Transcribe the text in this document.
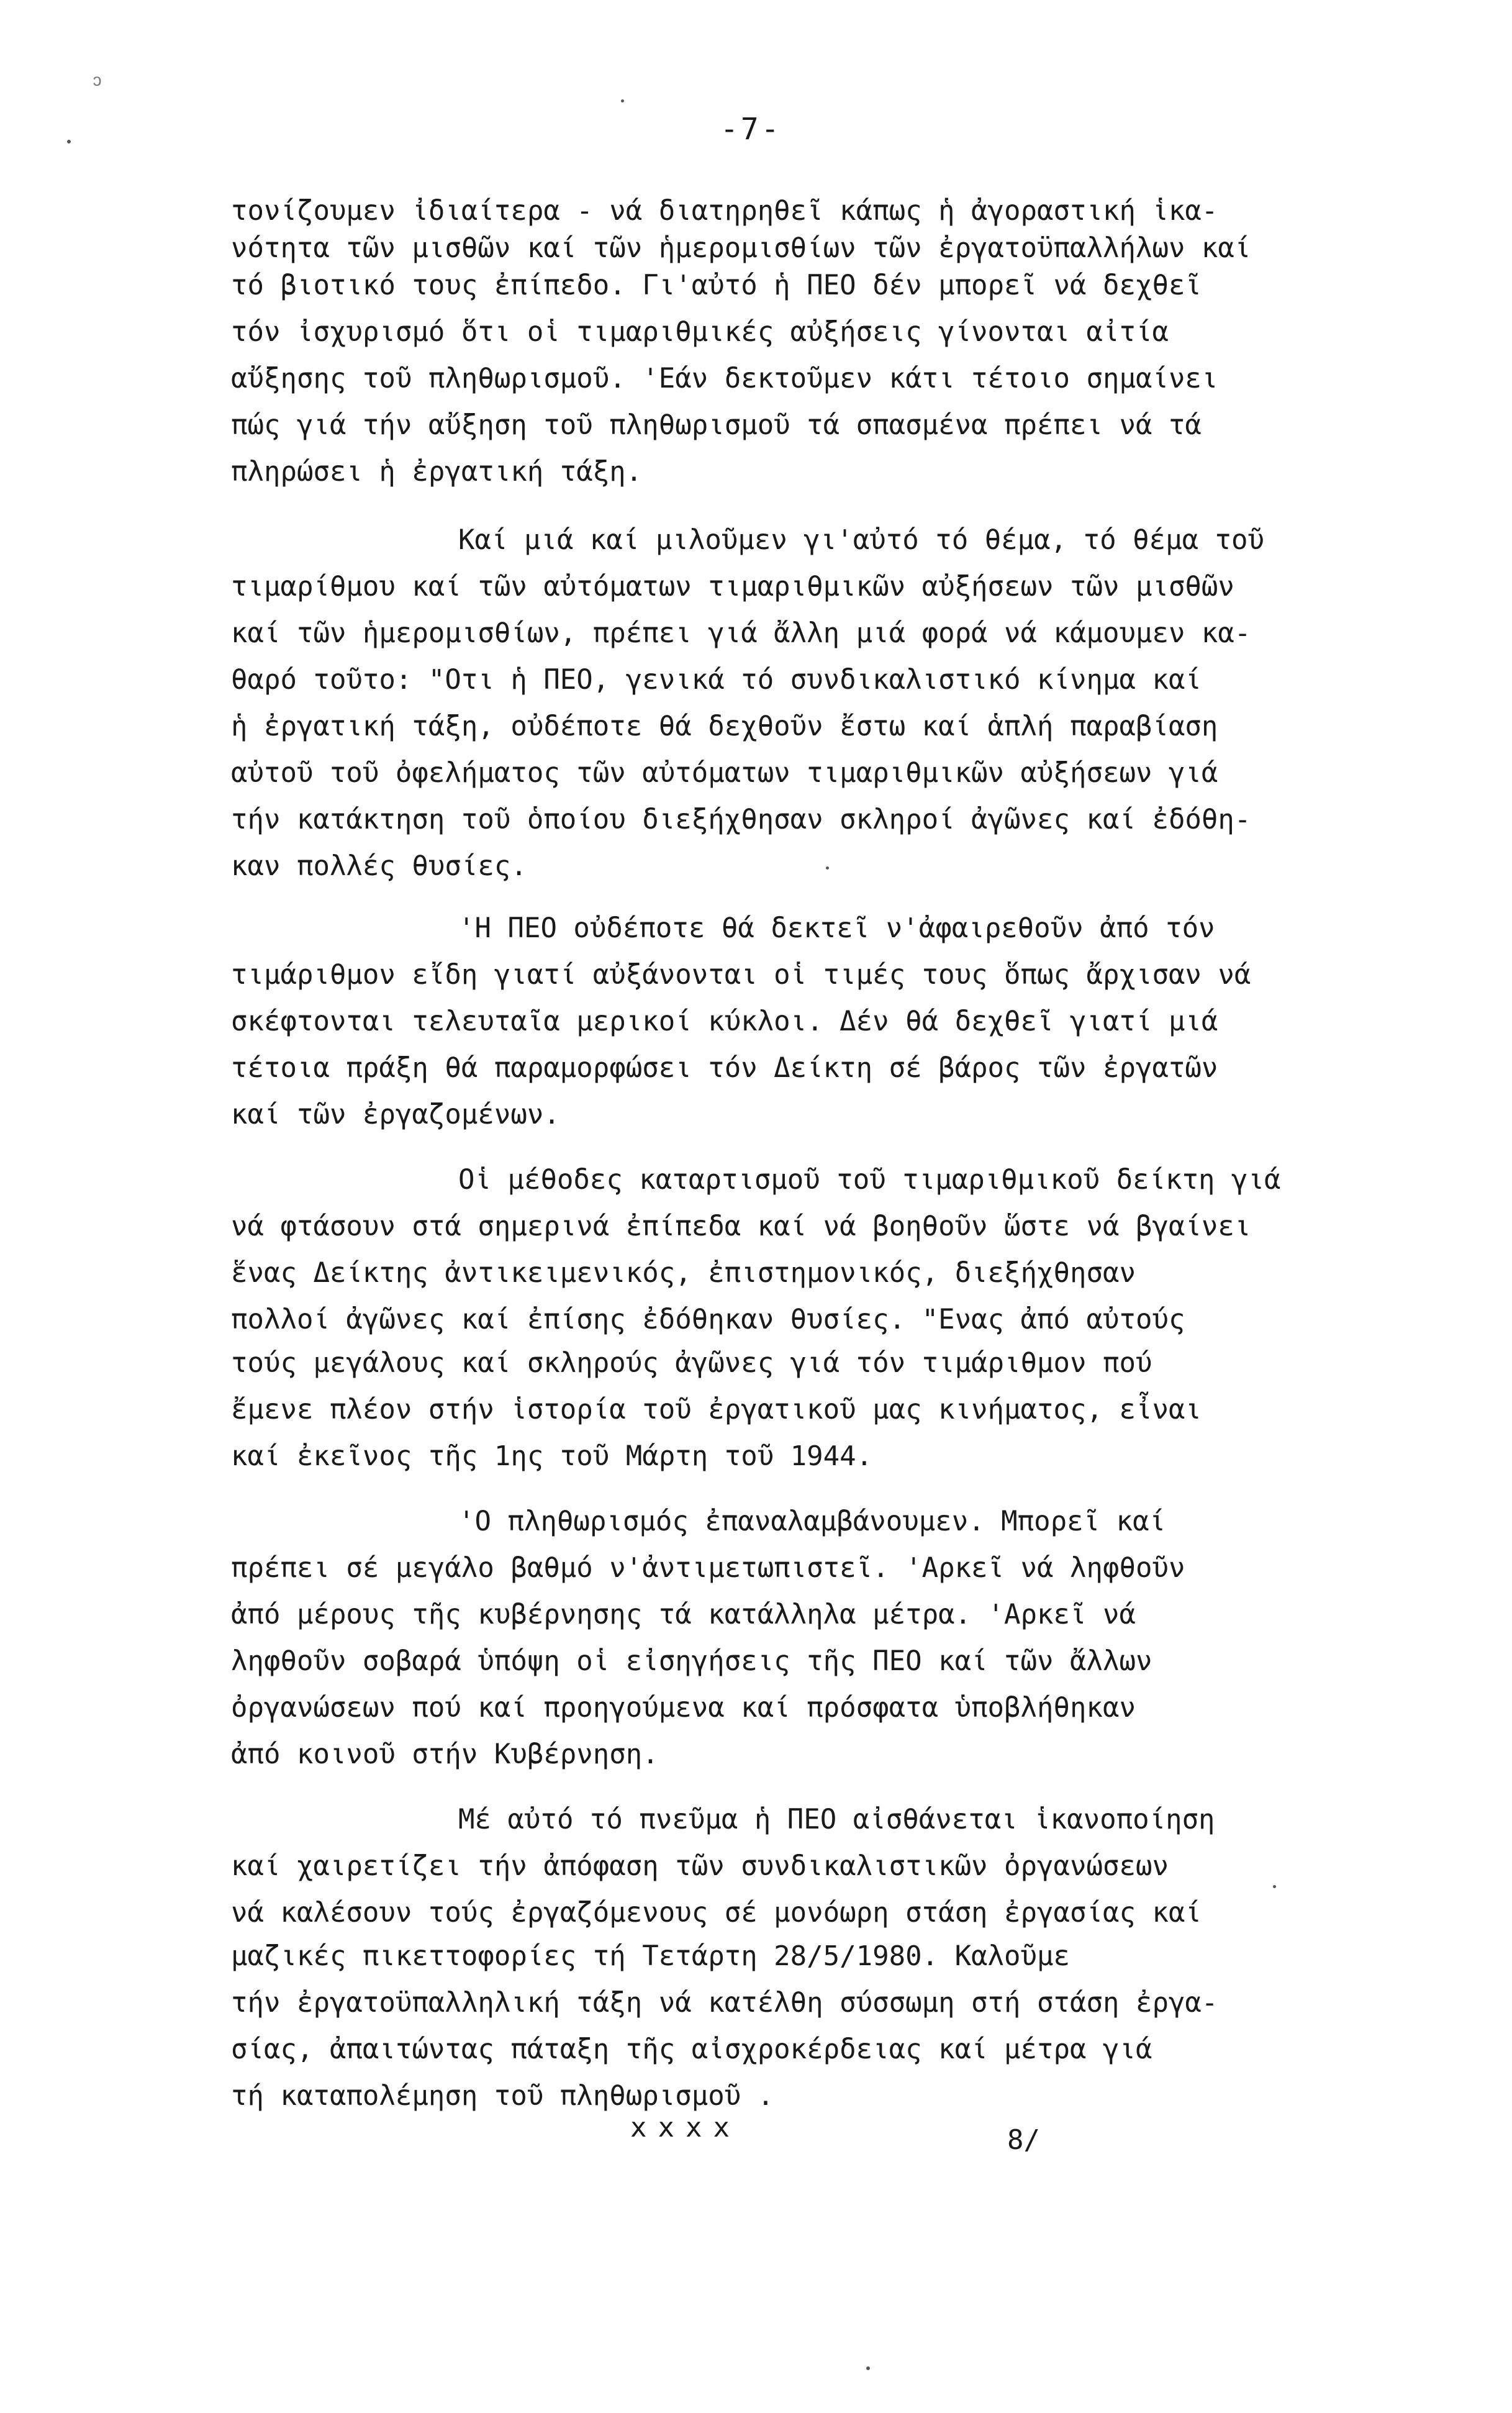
ↄ
-7-
τονίζουμεν ἰδιαίτερα - νά διατηρηθεῖ κάπως ἡ ἀγοραστική ἱκα-
νότητα τῶν μισθῶν καί τῶν ἡμερομισθίων τῶν ἐργατοϋπαλλήλων καί
τό βιοτικό τους ἐπίπεδο. Γι'αὐτό ἡ ΠΕΟ δέν μπορεῖ νά δεχθεῖ
τόν ἰσχυρισμό ὅτι οἱ τιμαριθμικές αὐξήσεις γίνονται αἰτία
αὔξησης τοῦ πληθωρισμοῦ. 'Εάν δεκτοῦμεν κάτι τέτοιο σημαίνει
πώς γιά τήν αὔξηση τοῦ πληθωρισμοῦ τά σπασμένα πρέπει νά τά
πληρώσει ἡ ἐργατική τάξη.
Καί μιά καί μιλοῦμεν γι'αὐτό τό θέμα, τό θέμα τοῦ
τιμαρίθμου καί τῶν αὐτόματων τιμαριθμικῶν αὐξήσεων τῶν μισθῶν
καί τῶν ἡμερομισθίων, πρέπει γιά ἄλλη μιά φορά νά κάμουμεν κα-
θαρό τοῦτο: "Οτι ἡ ΠΕΟ, γενικά τό συνδικαλιστικό κίνημα καί
ἡ ἐργατική τάξη, οὐδέποτε θά δεχθοῦν ἔστω καί ἁπλή παραβίαση
αὐτοῦ τοῦ ὀφελήματος τῶν αὐτόματων τιμαριθμικῶν αὐξήσεων γιά
τήν κατάκτηση τοῦ ὁποίου διεξήχθησαν σκληροί ἀγῶνες καί ἐδόθη-
καν πολλές θυσίες.
'Η ΠΕΟ οὐδέποτε θά δεκτεῖ ν'ἀφαιρεθοῦν ἀπό τόν
τιμάριθμον εἴδη γιατί αὐξάνονται οἱ τιμές τους ὅπως ἄρχισαν νά
σκέφτονται τελευταῖα μερικοί κύκλοι. Δέν θά δεχθεῖ γιατί μιά
τέτοια πράξη θά παραμορφώσει τόν Δείκτη σέ βάρος τῶν ἐργατῶν
καί τῶν ἐργαζομένων.
Οἱ μέθοδες καταρτισμοῦ τοῦ τιμαριθμικοῦ δείκτη γιά
νά φτάσουν στά σημερινά ἐπίπεδα καί νά βοηθοῦν ὥστε νά βγαίνει
ἕνας Δείκτης ἀντικειμενικός, ἐπιστημονικός, διεξήχθησαν
πολλοί ἀγῶνες καί ἐπίσης ἐδόθηκαν θυσίες. "Ενας ἀπό αὐτούς
τούς μεγάλους καί σκληρούς ἀγῶνες γιά τόν τιμάριθμον πού
ἔμενε πλέον στήν ἱστορία τοῦ ἐργατικοῦ μας κινήματος, εἶναι
καί ἐκεῖνος τῆς 1ης τοῦ Μάρτη τοῦ 1944.
'Ο πληθωρισμός ἐπαναλαμβάνουμεν. Μπορεῖ καί
πρέπει σέ μεγάλο βαθμό ν'ἀντιμετωπιστεῖ. 'Αρκεῖ νά ληφθοῦν
ἀπό μέρους τῆς κυβέρνησης τά κατάλληλα μέτρα. 'Αρκεῖ νά
ληφθοῦν σοβαρά ὑπόψη οἱ εἰσηγήσεις τῆς ΠΕΟ καί τῶν ἄλλων
ὀργανώσεων πού καί προηγούμενα καί πρόσφατα ὑποβλήθηκαν
ἀπό κοινοῦ στήν Κυβέρνηση.
Μέ αὐτό τό πνεῦμα ἡ ΠΕΟ αἰσθάνεται ἱκανοποίηση
καί χαιρετίζει τήν ἀπόφαση τῶν συνδικαλιστικῶν ὀργανώσεων
νά καλέσουν τούς ἐργαζόμενους σέ μονόωρη στάση ἐργασίας καί
μαζικές πικεττοφορίες τή Τετάρτη 28/5/1980. Καλοῦμε
τήν ἐργατοϋπαλληλική τάξη νά κατέλθη σύσσωμη στή στάση ἐργα-
σίας, ἀπαιτώντας πάταξη τῆς αἰσχροκέρδειας καί μέτρα γιά
τή καταπολέμηση τοῦ πληθωρισμοῦ .
xxxx	8/
